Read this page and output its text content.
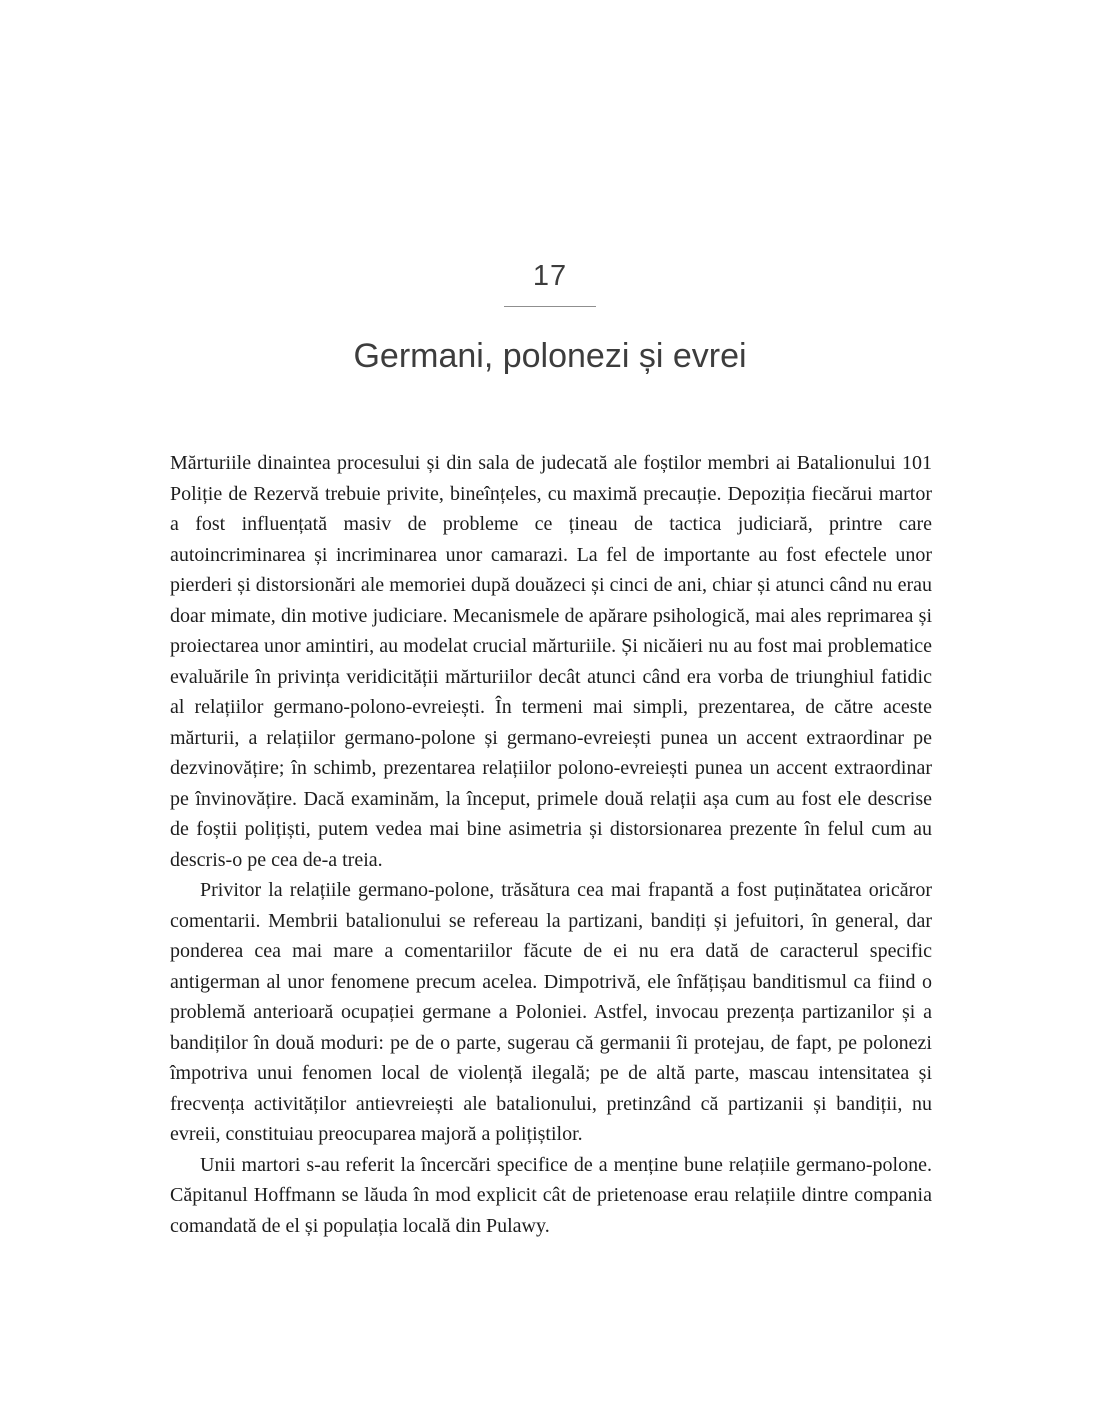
17
Germani, polonezi și evrei

Mărturiile dinaintea procesului și din sala de judecată ale foștilor membri ai Batalionului 101 Poliție de Rezervă trebuie privite, bineînțeles, cu maximă precauție. Depoziția fiecărui martor a fost influențată masiv de probleme ce țineau de tactica judiciară, printre care autoincriminarea și incriminarea unor camarazi. La fel de importante au fost efectele unor pierderi și distorsionări ale memoriei după douăzeci și cinci de ani, chiar și atunci când nu erau doar mimate, din motive judiciare. Mecanismele de apărare psihologică, mai ales reprimarea și proiectarea unor amintiri, au modelat crucial mărturiile. Și nicăieri nu au fost mai problematice evaluările în privința veridicității mărturiilor decât atunci când era vorba de triunghiul fatidic al relațiilor germano-polono-evreiești. În termeni mai simpli, prezentarea, de către aceste mărturii, a relațiilor germano-polone și germano-evreiești punea un accent extraordinar pe dezvinovățire; în schimb, prezentarea relațiilor polono-evreiești punea un accent extraordinar pe învinovățire. Dacă examinăm, la început, primele două relații așa cum au fost ele descrise de foștii polițiști, putem vedea mai bine asimetria și distorsionarea prezente în felul cum au descris-o pe cea de-a treia.

Privitor la relațiile germano-polone, trăsătura cea mai frapantă a fost puținătatea oricăror comentarii. Membrii batalionului se refereau la partizani, bandiți și jefuitori, în general, dar ponderea cea mai mare a comentariilor făcute de ei nu era dată de caracterul specific antigerman al unor fenomene precum acelea. Dimpotrivă, ele înfățișau banditismul ca fiind o problemă anterioară ocupației germane a Poloniei. Astfel, invocau prezența partizanilor și a bandiților în două moduri: pe de o parte, sugerau că germanii îi protejau, de fapt, pe polonezi împotriva unui fenomen local de violență ilegală; pe de altă parte, mascau intensitatea și frecvența activităților antievreiești ale batalionului, pretinzând că partizanii și bandiții, nu evreii, constituiau preocuparea majoră a polițiștilor.

Unii martori s-au referit la încercări specifice de a menține bune relațiile germano-polone. Căpitanul Hoffmann se lăuda în mod explicit cât de prietenoase erau relațiile dintre compania comandată de el și populația locală din Pulawy.
